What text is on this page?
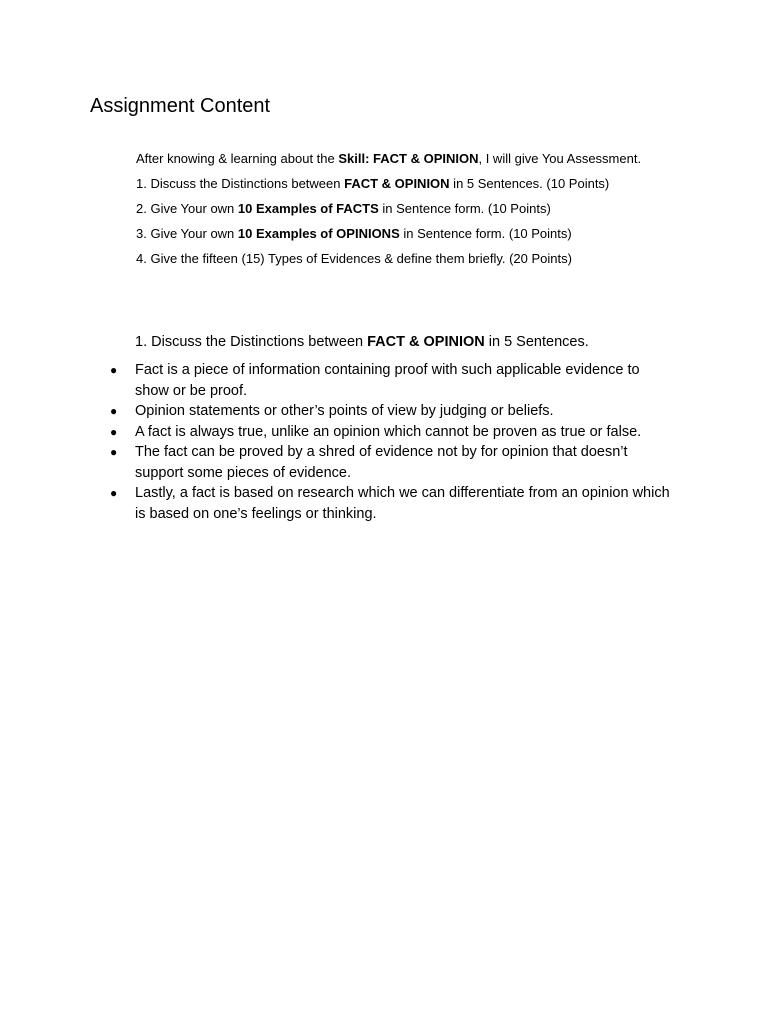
Assignment Content
After knowing & learning about the Skill: FACT & OPINION, I will give You Assessment.
1. Discuss the Distinctions between FACT & OPINION in 5 Sentences. (10 Points)
2. Give Your own 10 Examples of FACTS in Sentence form. (10 Points)
3. Give Your own 10 Examples of OPINIONS in Sentence form. (10 Points)
4. Give the fifteen (15) Types of Evidences & define them briefly. (20 Points)
1. Discuss the Distinctions between FACT & OPINION in 5 Sentences.
● Fact is a piece of information containing proof with such applicable evidence to show or be proof.
● Opinion statements or other’s points of view by judging or beliefs.
● A fact is always true, unlike an opinion which cannot be proven as true or false.
● The fact can be proved by a shred of evidence not by for opinion that doesn’t support some pieces of evidence.
● Lastly, a fact is based on research which we can differentiate from an opinion which is based on one’s feelings or thinking.
